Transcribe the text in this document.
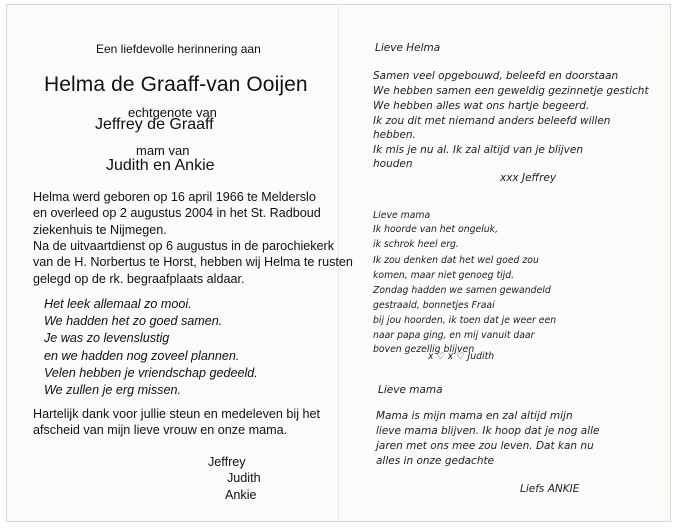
Een liefdevolle herinnering aan
Helma de Graaff-van Ooijen
echtgenote van
Jeffrey de Graaff
mam van
Judith en Ankie
Helma werd geboren op 16 april 1966 te Melderslo
en overleed op 2 augustus 2004 in het St. Radboud
ziekenhuis te Nijmegen.
Na de uitvaartdienst op 6 augustus in de parochiekerk
van de H. Norbertus te Horst, hebben wij Helma te rusten
gelegd op de rk. begraafplaats aldaar.
Het leek allemaal zo mooi.
We hadden het zo goed samen.
Je was zo levenslustig
en we hadden nog zoveel plannen.
Velen hebben je vriendschap gedeeld.
We zullen je erg missen.
Hartelijk dank voor jullie steun en medeleven bij het
afscheid van mijn lieve vrouw en onze mama.
Jeffrey
Judith
Ankie
Lieve Helma
Samen veel opgebouwd, beleefd en doorstaan
We hebben samen een geweldig gezinnetje gesticht
We hebben alles wat ons hartje begeerd.
Ik zou dit met niemand anders beleefd willen
hebben.
Ik mis je nu al. Ik zal altijd van je blijven
houden
xxx Jeffrey
Lieve mama
Ik hoorde van het ongeluk,
ik schrok heel erg.
Ik zou denken dat het wel goed zou
komen, maar niet genoeg tijd.
Zondag hadden we samen gewandeld
gestraald, bonnetjes Fraai
bij jou hoorden, ik toen dat je weer een
naar papa ging, en mij vanuit daar
boven gezellig blijven
x ♡ x ♡ Judith
Lieve mama
Mama is mijn mama en zal altijd mijn
lieve mama blijven. Ik hoop dat je nog alle
jaren met ons mee zou leven. Dat kan nu
alles in onze gedachte
Liefs ANKIE
